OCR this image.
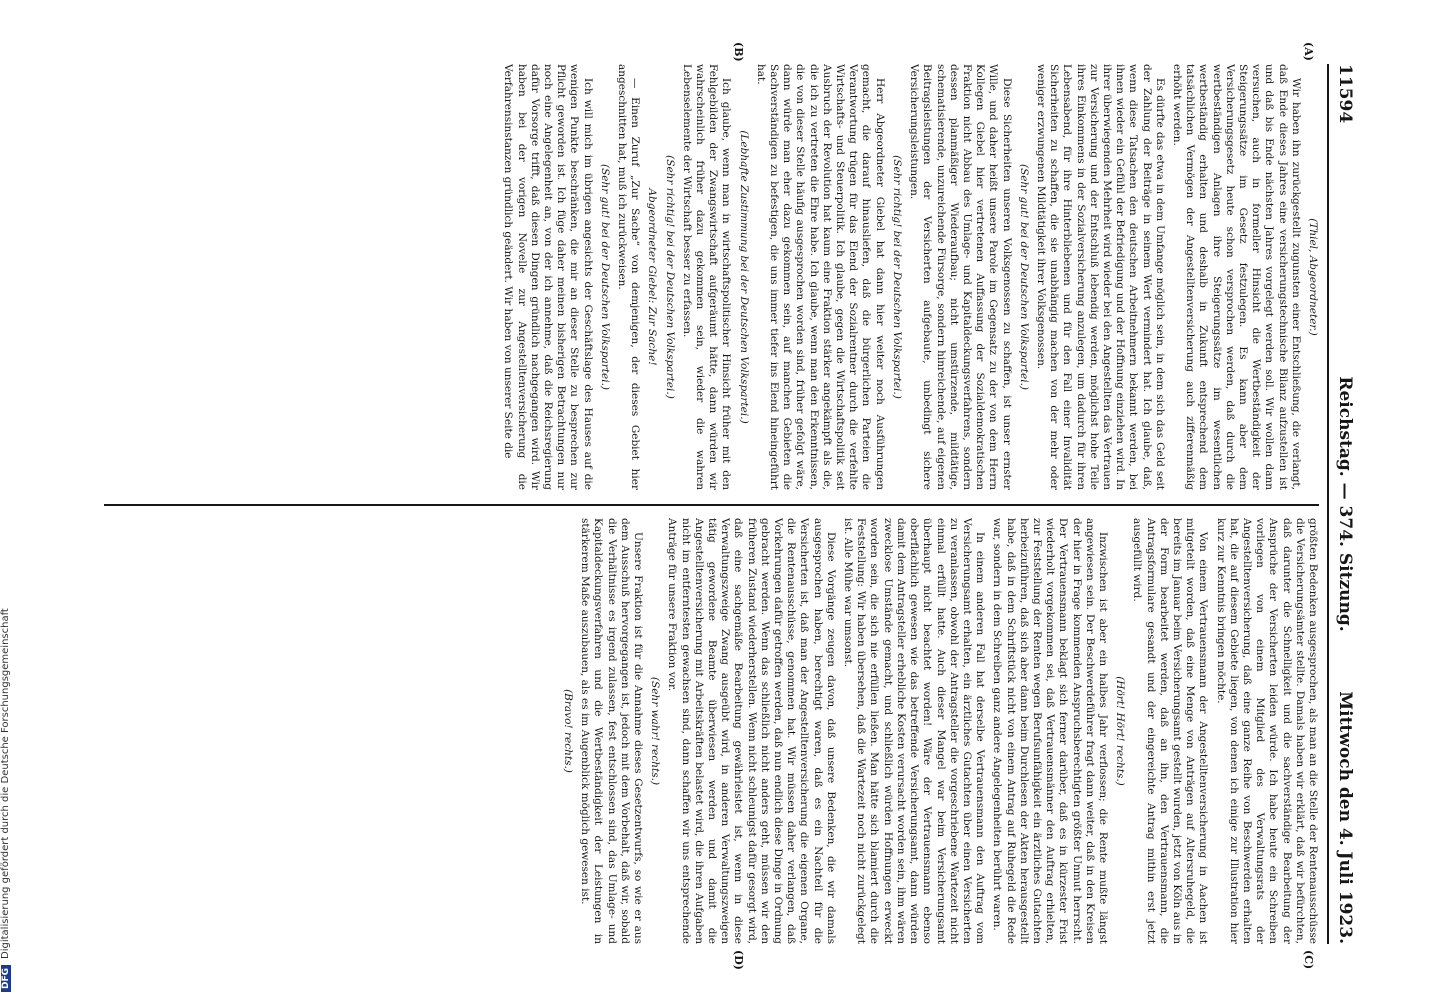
11594
Reichstag. — 374. Sitzung.
Mittwoch den 4. Juli 1923.
(A)
(B)
(C)
(D)

(Thiel, Abgeordneter.)

Wir haben ihn zurückgestellt zugunsten einer Entschließung, die verlangt, daß Ende dieses Jahres eine versicherungstechnische Bilanz aufzustellen ist und daß bis Ende nächsten Jahres vorgelegt werden soll. Wir wollen dann versuchen, auch in formeller Hinsicht die Wertbeständigkeit der Steigerungssätze im Gesetz festzulegen. Es kann aber dem Versicherungsgesetz heute schon versprochen werden, daß durch die wertbeständigen Anlagen ihre Steigerungssätze im wesentlichen wertbeständig erhalten und deshalb in Zukunft entsprechend dem tatsächlichen Vermögen der Angestelltenversicherung auch zifferenmäßig erhöht werden.

Es dürfte das etwa in dem Umfange möglich sein, in dem sich das Geld seit der Zahlung der Beiträge in seinem Wert vermindert hat. Ich glaube, daß, wenn diese Tatsachen den deutschen Arbeitnehmern bekannt werden, bei ihnen wieder ein Gefühl der Befriedigung und der Hoffnung einziehen wird. In ihrer überwiegenden Mehrheit wird wieder bei den Angestellten das Vertrauen zur Versicherung und der Entschluß lebendig werden, möglichst hohe Teile ihres Einkommens in der Sozialversicherung anzulegen, um dadurch für ihren Lebensabend, für ihre Hinterbliebenen und für den Fall einer Invalidität Sicherheiten zu schaffen, die sie unabhängig machen von der mehr oder weniger erzwungenen Mildtätigkeit ihrer Volksgenossen.

(Sehr gut! bei der Deutschen Volkspartei.)

Diese Sicherheiten unseren Volksgenossen zu schaffen, ist unser ernster Wille, und daher heißt unsere Parole im Gegensatz zu der von dem Herrn Kollegen Giebel hier vertretenen Auffassung der Sozialdemokratischen Fraktion nicht Abbau des Umlage- und Kapitaldeckungsverfahrens, sondern dessen planmäßiger Wiederaufbau; nicht umstürzende, mildtätige, schematisierende, unzureichende Fürsorge, sondern hinreichende, auf eigenen Beitragsleistungen der Versicherten aufgebaute, unbedingt sichere Versicherungsleistungen.

(Sehr richtig! bei der Deutschen Volkspartei.)

Herr Abgeordneter Giebel hat dann hier weiter noch Ausführungen gemacht, die darauf hinausliefen, daß die bürgerlichen Parteien die Verantwortung trügen für das Elend der Sozialrentner durch die verfehlte Wirtschafts- und Steuerpolitik. Ich glaube, gegen die Wirtschaftspolitik seit Ausbruch der Revolution hat kaum eine Fraktion stärker angekämpft als die, die ich zu vertreten die Ehre habe. Ich glaube, wenn man den Erkenntnissen, die von dieser Stelle häufig ausgesprochen worden sind, früher gefolgt wäre, dann würde man eher dazu gekommen sein, auf manchen Gebieten die Sachverständigen zu befestigen, die uns immer tiefer ins Elend hineingeführt hat.

(Lebhafte Zustimmung bei der Deutschen Volkspartei.)

Ich glaube, wenn man in wirtschaftspolitischer Hinsicht früher mit den Fehlgebilden der Zwangswirtschaft aufgeräumt hätte, dann würden wir wahrscheinlich früher dazu gekommen sein, wieder die wahren Lebenselemente der Wirtschaft besser zu erfassen.

(Sehr richtig! bei der Deutschen Volkspartei.)

Abgeordneter Giebel: Zur Sache!

— Einen Zuruf „Zur Sache“ von demjenigen, der dieses Gebiet hier angeschnitten hat, muß ich zurückweisen.

(Sehr gut! bei der Deutschen Volkspartei.)

Ich will mich im übrigen angesichts der Geschäftslage des Hauses auf die wenigen Punkte beschränken, die mir an dieser Stelle zu besprechen zur Pflicht geworden ist. Ich füge daher meinen bisherigen Betrachtungen nur noch eine Angelegenheit an, von der ich annehme, daß die Reichsregierung dafür Vorsorge trifft, daß diesen Dingen gründlich nachgegangen wird. Wir haben bei der vorigen Novelle zur Angestelltenversicherung die Verfahrensinstanzen gründlich geändert. Wir haben von unserer Seite die

größten Bedenken ausgesprochen, als man an die Stelle der Rentenausschüsse die Versicherungsämter stellte. Damals haben wir erklärt, daß wir befürchten, daß darunter die Schnelligkeit und die sachverständige Bearbeitung der Ansprüche der Versicherten leiden würde. Ich habe heute ein Schreiben vorliegen von einem Mitglied des Verwaltungsrats der Angestelltenversicherung, daß eine ganze Reihe von Beschwerden erhalten hat, die auf diesem Gebiete liegen, von denen ich einige zur Illustration hier kurz zur Kenntnis bringen möchte.

Von einem Vertrauensmann der Angestelltenversicherung in Aachen ist mitgeteilt worden, daß eine Menge von Anträgen auf Altersruhegeld, die bereits im Januar beim Versicherungsamt gestellt wurden, jetzt von Köln aus in der Form bearbeitet werden, daß an ihn, den Vertrauensmann, die Antragsformulare gesandt und der eingereichte Antrag mithin erst jetzt ausgefüllt wird.

(Hört! Hört! rechts.)

Inzwischen ist aber ein halbes Jahr verflossen; die Rente mußte längst angewiesen sein. Der Beschwerdeführer fragt dann weiter, daß in den Kreisen der hier in Frage kommenden Anspruchsberechtigten größter Unmut herrscht. Der Vertrauensmann beklagt sich ferner darüber, daß es in kürzester Frist wiederholt vorgekommen sei, daß Vertrauensmänner den Auftrag erhielten, zur Feststellung der Renten wegen Berufsunfähigkeit ein ärztliches Gutachten herbeizuführen, daß sich aber dann beim Durchlesen der Akten herausgestellt habe, daß in dem Schriftstück nicht von einem Antrag auf Ruhegeld die Rede war, sondern in dem Schreiben ganz andere Angelegenheiten berührt waren.

In einem anderen Fall hat derselbe Vertrauensmann den Auftrag vom Versicherungsamt erhalten, ein ärztliches Gutachten über einen Versicherten zu veranlassen, obwohl der Antragsteller die vorgeschriebene Wartezeit nicht einmal erfüllt hatte. Auch dieser Mangel war beim Versicherungsamt überhaupt nicht beachtet worden! Wäre der Vertrauensmann ebenso oberflächlich gewesen wie das betreffende Versicherungsamt, dann würden damit dem Antragsteller erhebliche Kosten verursacht worden sein, ihm wären zwecklose Umstände gemacht, und schließlich würden Hoffnungen erweckt worden sein, die sich nie erfüllen ließen. Man hätte sich blamiert durch die Feststellung: Wir haben übersehen, daß die Wartezeit noch nicht zurückgelegt ist. Alle Mühe war umsonst.

Diese Vorgänge zeugen davon, daß unsere Bedenken, die wir damals ausgesprochen haben, berechtigt waren, daß es ein Nachteil für die Versicherten ist, daß man der Angestelltenversicherung die eigenen Organe, die Rentenausschüsse, genommen hat. Wir müssen daher verlangen, daß Vorkehrungen dafür getroffen werden, daß nun endlich diese Dinge in Ordnung gebracht werden. Wenn das schließlich nicht anders geht, müssen wir den früheren Zustand wiederherstellen. Wenn nicht schleunigst dafür gesorgt wird, daß eine sachgemäße Bearbeitung gewährleistet ist, wenn in diese Verwaltungszweige Zwang ausgeübt wird, in anderen Verwaltungszweigen tätig gewordene Beamte überwiesen werden und damit die Angestelltenversicherung mit Arbeitskräften belastet wird, die ihren Aufgaben nicht im entferntesten gewachsen sind, dann schaffen wir uns entsprechende Anträge für unsere Fraktion vor.

(Sehr wahr! rechts.)

Unsere Fraktion ist für die Annahme dieses Gesetzentwurfs, so wie er aus dem Ausschuß hervorgegangen ist, jedoch mit dem Vorbehalt, daß wir, sobald die Verhältnisse es irgend zulassen, fest entschlossen sind, das Umlage- und Kapitaldeckungsverfahren und die Wertbeständigkeit der Leistungen in stärkerem Maße auszubauen, als es im Augenblick möglich gewesen ist.

(Bravo! rechts.)

DFGDigitalisierung gefördert durch die Deutsche Forschungsgemeinschaft
